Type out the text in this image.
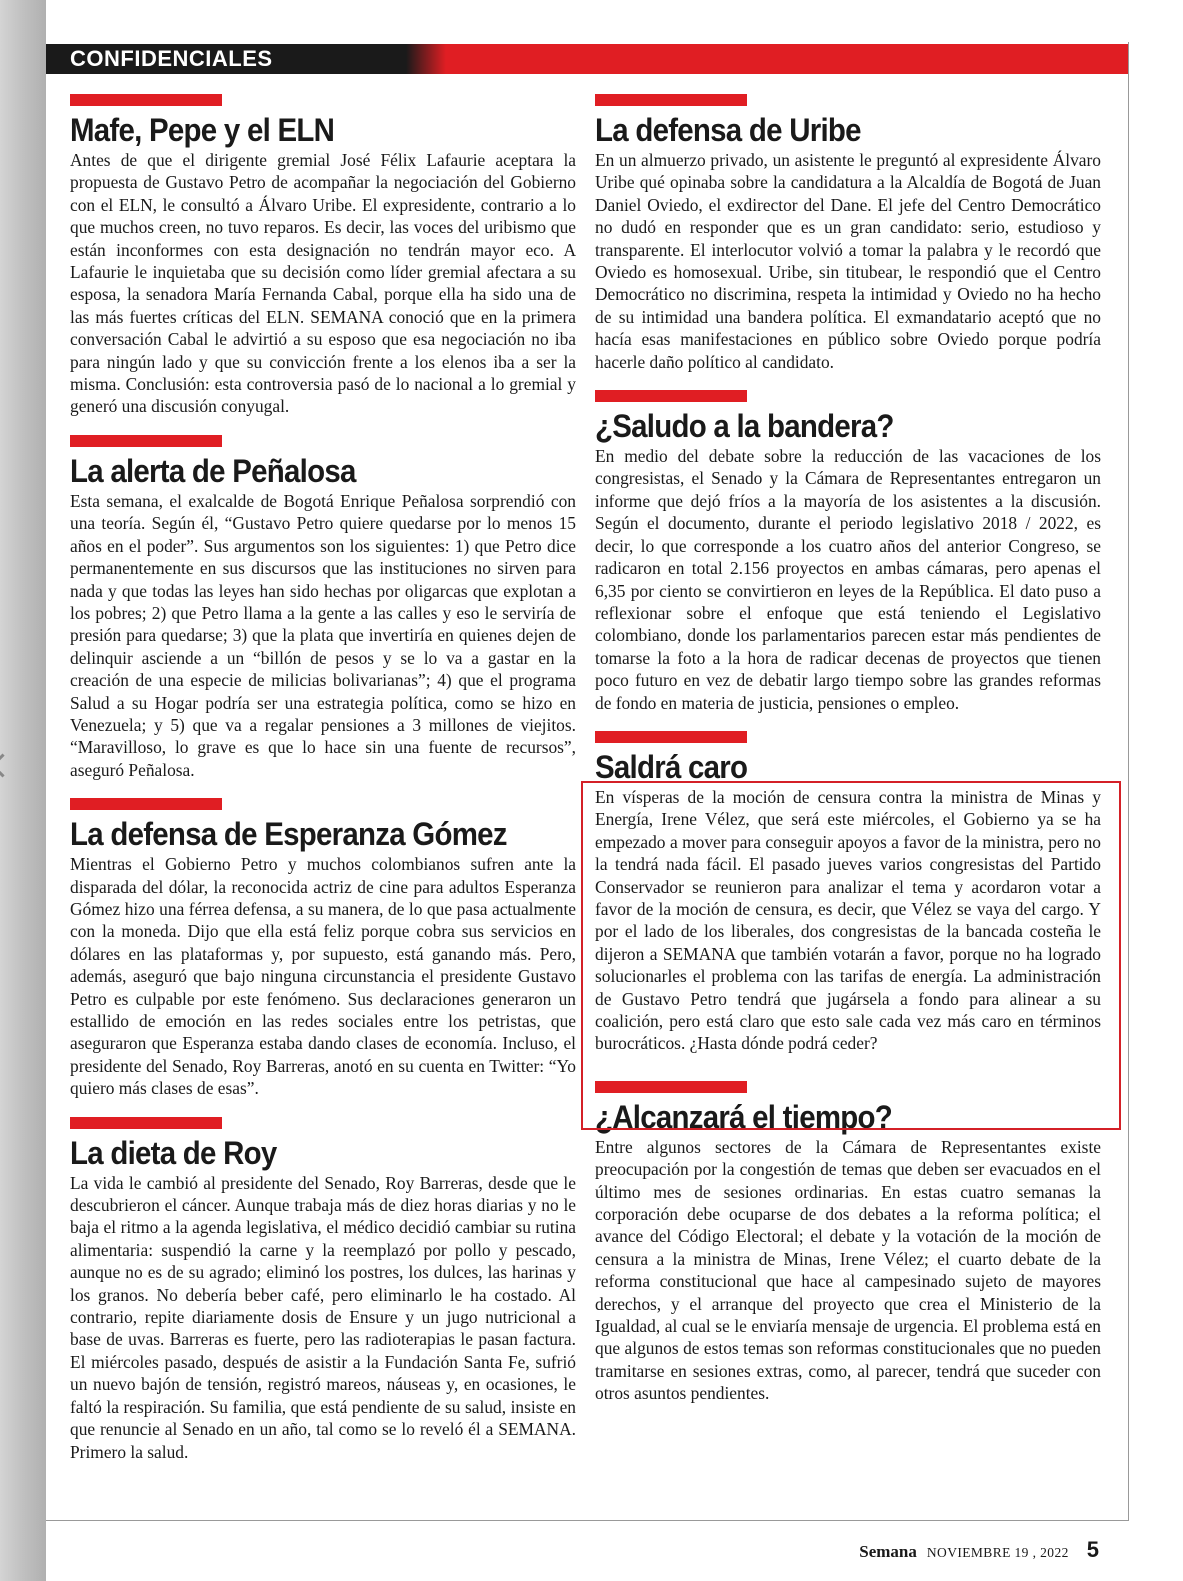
CONFIDENCIALES
Mafe, Pepe y el ELN

Antes de que el dirigente gremial José Félix Lafaurie aceptara la propuesta de Gustavo Petro de acompañar la negociación del Gobierno con el ELN, le consultó a Álvaro Uribe. El expresidente, contrario a lo que muchos creen, no tuvo reparos. Es decir, las voces del uribismo que están inconformes con esta designación no tendrán mayor eco. A Lafaurie le inquietaba que su decisión como líder gremial afectara a su esposa, la senadora María Fernanda Cabal, porque ella ha sido una de las más fuertes críticas del ELN. SEMANA conoció que en la primera conversación Cabal le advirtió a su esposo que esa negociación no iba para ningún lado y que su convicción frente a los elenos iba a ser la misma. Conclusión: esta controversia pasó de lo nacional a lo gremial y generó una discusión conyugal.

La alerta de Peñalosa

Esta semana, el exalcalde de Bogotá Enrique Peñalosa sorprendió con una teoría. Según él, “Gustavo Petro quiere quedarse por lo menos 15 años en el poder”. Sus argumentos son los siguientes: 1) que Petro dice permanentemente en sus discursos que las instituciones no sirven para nada y que todas las leyes han sido hechas por oligarcas que explotan a los pobres; 2) que Petro llama a la gente a las calles y eso le serviría de presión para quedarse; 3) que la plata que invertiría en quienes dejen de delinquir asciende a un “billón de pesos y se lo va a gastar en la creación de una especie de milicias bolivarianas”; 4) que el programa Salud a su Hogar podría ser una estrategia política, como se hizo en Venezuela; y 5) que va a regalar pensiones a 3 millones de viejitos. “Maravilloso, lo grave es que lo hace sin una fuente de recursos”, aseguró Peñalosa.

La defensa de Esperanza Gómez

Mientras el Gobierno Petro y muchos colombianos sufren ante la disparada del dólar, la reconocida actriz de cine para adultos Esperanza Gómez hizo una férrea defensa, a su manera, de lo que pasa actualmente con la moneda. Dijo que ella está feliz porque cobra sus servicios en dólares en las plataformas y, por supuesto, está ganando más. Pero, además, aseguró que bajo ninguna circunstancia el presidente Gustavo Petro es culpable por este fenómeno. Sus declaraciones generaron un estallido de emoción en las redes sociales entre los petristas, que aseguraron que Esperanza estaba dando clases de economía. Incluso, el presidente del Senado, Roy Barreras, anotó en su cuenta en Twitter: “Yo quiero más clases de esas”.

La dieta de Roy

La vida le cambió al presidente del Senado, Roy Barreras, desde que le descubrieron el cáncer. Aunque trabaja más de diez horas diarias y no le baja el ritmo a la agenda legislativa, el médico decidió cambiar su rutina alimentaria: suspendió la carne y la reemplazó por pollo y pescado, aunque no es de su agrado; eliminó los postres, los dulces, las harinas y los granos. No debería beber café, pero eliminarlo le ha costado. Al contrario, repite diariamente dosis de Ensure y un jugo nutricional a base de uvas. Barreras es fuerte, pero las radioterapias le pasan factura. El miércoles pasado, después de asistir a la Fundación Santa Fe, sufrió un nuevo bajón de tensión, registró mareos, náuseas y, en ocasiones, le faltó la respiración. Su familia, que está pendiente de su salud, insiste en que renuncie al Senado en un año, tal como se lo reveló él a SEMANA. Primero la salud.

La defensa de Uribe

En un almuerzo privado, un asistente le preguntó al expresidente Álvaro Uribe qué opinaba sobre la candidatura a la Alcaldía de Bogotá de Juan Daniel Oviedo, el exdirector del Dane. El jefe del Centro Democrático no dudó en responder que es un gran candidato: serio, estudioso y transparente. El interlocutor volvió a tomar la palabra y le recordó que Oviedo es homosexual. Uribe, sin titubear, le respondió que el Centro Democrático no discrimina, respeta la intimidad y Oviedo no ha hecho de su intimidad una bandera política. El exmandatario aceptó que no hacía esas manifestaciones en público sobre Oviedo porque podría hacerle daño político al candidato.

¿Saludo a la bandera?

En medio del debate sobre la reducción de las vacaciones de los congresistas, el Senado y la Cámara de Representantes entregaron un informe que dejó fríos a la mayoría de los asistentes a la discusión. Según el documento, durante el periodo legislativo 2018 / 2022, es decir, lo que corresponde a los cuatro años del anterior Congreso, se radicaron en total 2.156 proyectos en ambas cámaras, pero apenas el 6,35 por ciento se convirtieron en leyes de la República. El dato puso a reflexionar sobre el enfoque que está teniendo el Legislativo colombiano, donde los parlamentarios parecen estar más pendientes de tomarse la foto a la hora de radicar decenas de proyectos que tienen poco futuro en vez de debatir largo tiempo sobre las grandes reformas de fondo en materia de justicia, pensiones o empleo.

Saldrá caro

En vísperas de la moción de censura contra la ministra de Minas y Energía, Irene Vélez, que será este miércoles, el Gobierno ya se ha empezado a mover para conseguir apoyos a favor de la ministra, pero no la tendrá nada fácil. El pasado jueves varios congresistas del Partido Conservador se reunieron para analizar el tema y acordaron votar a favor de la moción de censura, es decir, que Vélez se vaya del cargo. Y por el lado de los liberales, dos congresistas de la bancada costeña le dijeron a SEMANA que también votarán a favor, porque no ha logrado solucionarles el problema con las tarifas de energía. La administración de Gustavo Petro tendrá que jugársela a fondo para alinear a su coalición, pero está claro que esto sale cada vez más caro en términos burocráticos. ¿Hasta dónde podrá ceder?

¿Alcanzará el tiempo?

Entre algunos sectores de la Cámara de Representantes existe preocupación por la congestión de temas que deben ser evacuados en el último mes de sesiones ordinarias. En estas cuatro semanas la corporación debe ocuparse de dos debates a la reforma política; el avance del Código Electoral; el debate y la votación de la moción de censura a la ministra de Minas, Irene Vélez; el cuarto debate de la reforma constitucional que hace al campesinado sujeto de mayores derechos, y el arranque del proyecto que crea el Ministerio de la Igualdad, al cual se le enviaría mensaje de urgencia. El problema está en que algunos de estos temas son reformas constitucionales que no pueden tramitarse en sesiones extras, como, al parecer, tendrá que suceder con otros asuntos pendientes.

Semana NOVIEMBRE 19 , 2022 5
